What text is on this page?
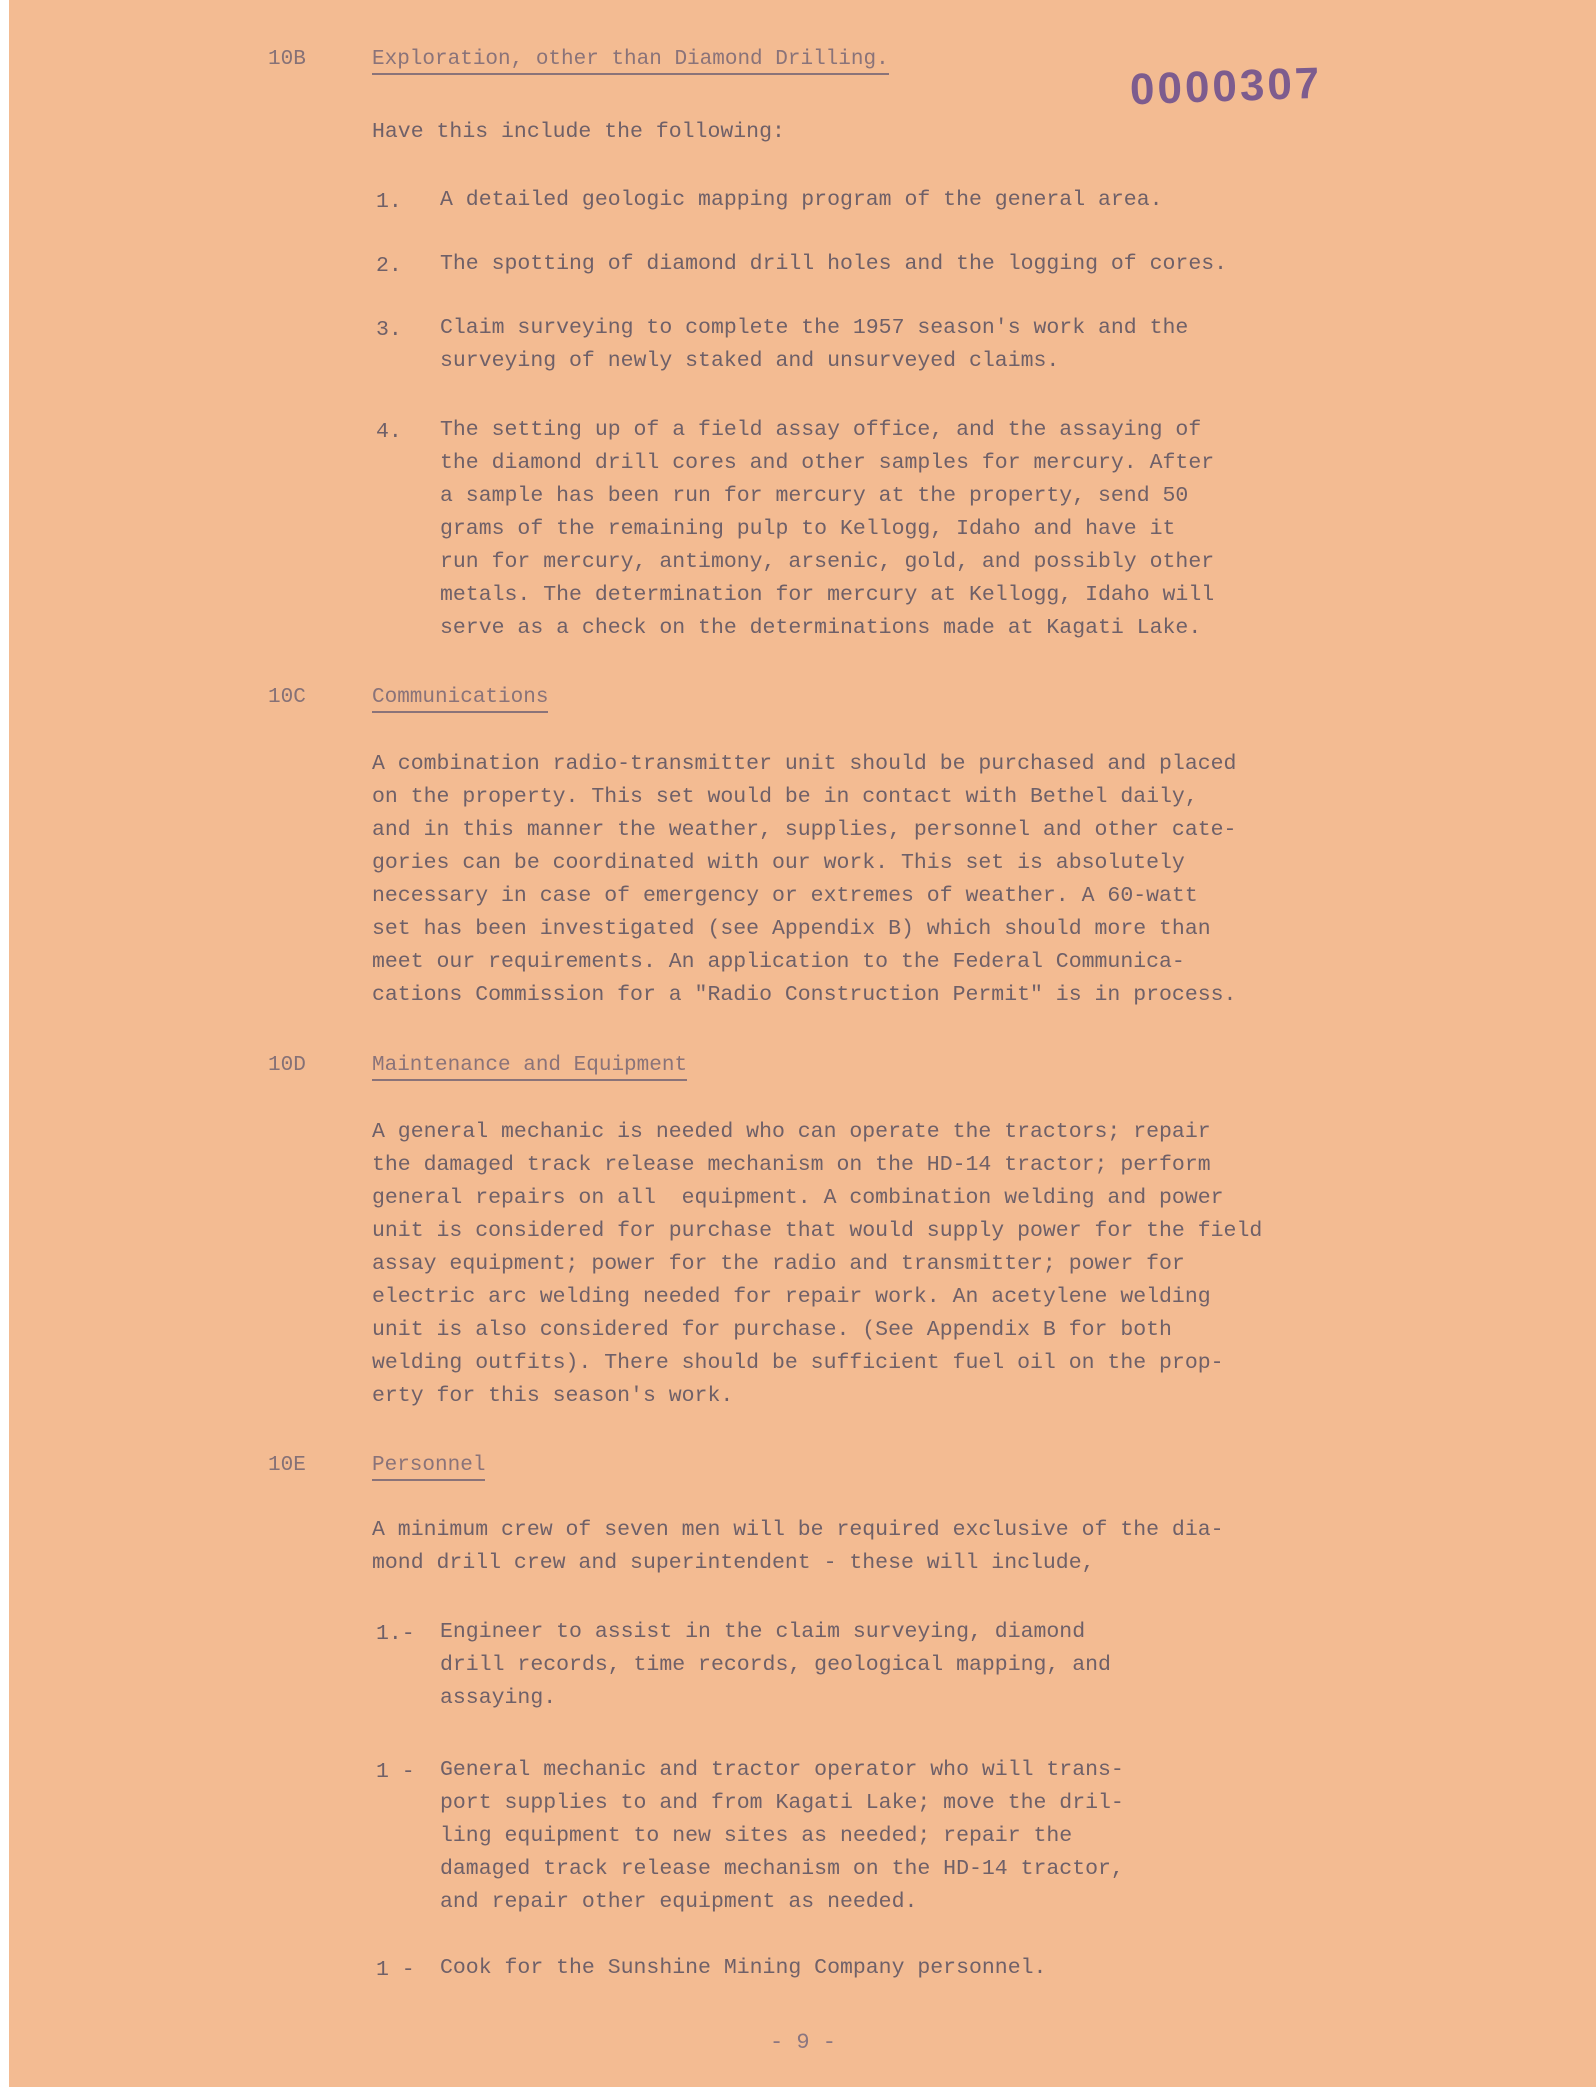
0000307
10B	Exploration, other than Diamond Drilling.
Have this include the following:
1. A detailed geologic mapping program of the general area.
2. The spotting of diamond drill holes and the logging of cores.
3. Claim surveying to complete the 1957 season's work and the
surveying of newly staked and unsurveyed claims.
4. The setting up of a field assay office, and the assaying of
the diamond drill cores and other samples for mercury. After
a sample has been run for mercury at the property, send 50
grams of the remaining pulp to Kellogg, Idaho and have it
run for mercury, antimony, arsenic, gold, and possibly other
metals. The determination for mercury at Kellogg, Idaho will
serve as a check on the determinations made at Kagati Lake.
10C	Communications
A combination radio-transmitter unit should be purchased and placed
on the property. This set would be in contact with Bethel daily,
and in this manner the weather, supplies, personnel and other cate-
gories can be coordinated with our work. This set is absolutely
necessary in case of emergency or extremes of weather. A 60-watt
set has been investigated (see Appendix B) which should more than
meet our requirements. An application to the Federal Communica-
cations Commission for a "Radio Construction Permit" is in process.
10D	Maintenance and Equipment
A general mechanic is needed who can operate the tractors; repair
the damaged track release mechanism on the HD-14 tractor; perform
general repairs on all  equipment. A combination welding and power
unit is considered for purchase that would supply power for the field
assay equipment; power for the radio and transmitter; power for
electric arc welding needed for repair work. An acetylene welding
unit is also considered for purchase. (See Appendix B for both
welding outfits). There should be sufficient fuel oil on the prop-
erty for this season's work.
10E	Personnel
A minimum crew of seven men will be required exclusive of the dia-
mond drill crew and superintendent - these will include,
1.- Engineer to assist in the claim surveying, diamond
drill records, time records, geological mapping, and
assaying.
1 - General mechanic and tractor operator who will trans-
port supplies to and from Kagati Lake; move the dril-
ling equipment to new sites as needed; repair the
damaged track release mechanism on the HD-14 tractor,
and repair other equipment as needed.
1 - Cook for the Sunshine Mining Company personnel.
- 9 -
